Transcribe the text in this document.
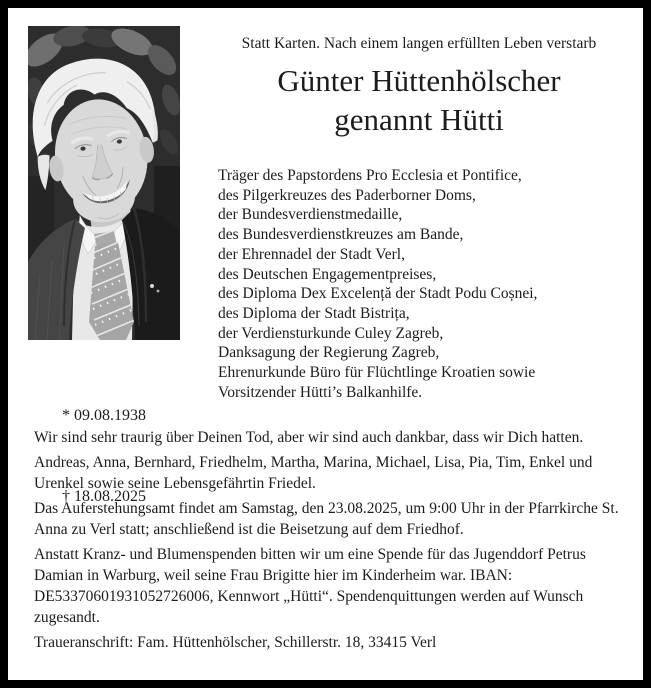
* 09.08.1938

† 18.08.2025

Statt Karten. Nach einem langen erfüllten Leben verstarb
Günter Hüttenhölscher
genannt Hütti
Träger des Papstordens Pro Ecclesia et Pontifice,
des Pilgerkreuzes des Paderborner Doms,
der Bundesverdienstmedaille,
des Bundesverdienstkreuzes am Bande,
der Ehrennadel der Stadt Verl,
des Deutschen Engagementpreises,
des Diploma Dex Excelență der Stadt Podu Coșnei,
des Diploma der Stadt Bistrița,
der Verdiensturkunde Culey Zagreb,
Danksagung der Regierung Zagreb,
Ehrenurkunde Büro für Flüchtlinge Kroatien sowie
Vorsitzender Hütti’s Balkanhilfe.

Wir sind sehr traurig über Deinen Tod, aber wir sind auch dankbar, dass wir Dich hatten.

Andreas, Anna, Bernhard, Friedhelm, Martha, Marina, Michael, Lisa, Pia, Tim, Enkel und Urenkel sowie seine Lebensgefährtin Friedel.

Das Auferstehungsamt findet am Samstag, den 23.08.2025, um 9:00 Uhr in der Pfarrkirche St. Anna zu Verl statt; anschließend ist die Beisetzung auf dem Friedhof.

Anstatt Kranz- und Blumenspenden bitten wir um eine Spende für das Jugenddorf Petrus Damian in Warburg, weil seine Frau Brigitte hier im Kinderheim war. IBAN: DE53370601931052726006, Kennwort „Hütti“. Spendenquittungen werden auf Wunsch zugesandt.

Traueranschrift: Fam. Hüttenhölscher, Schillerstr. 18, 33415 Verl
